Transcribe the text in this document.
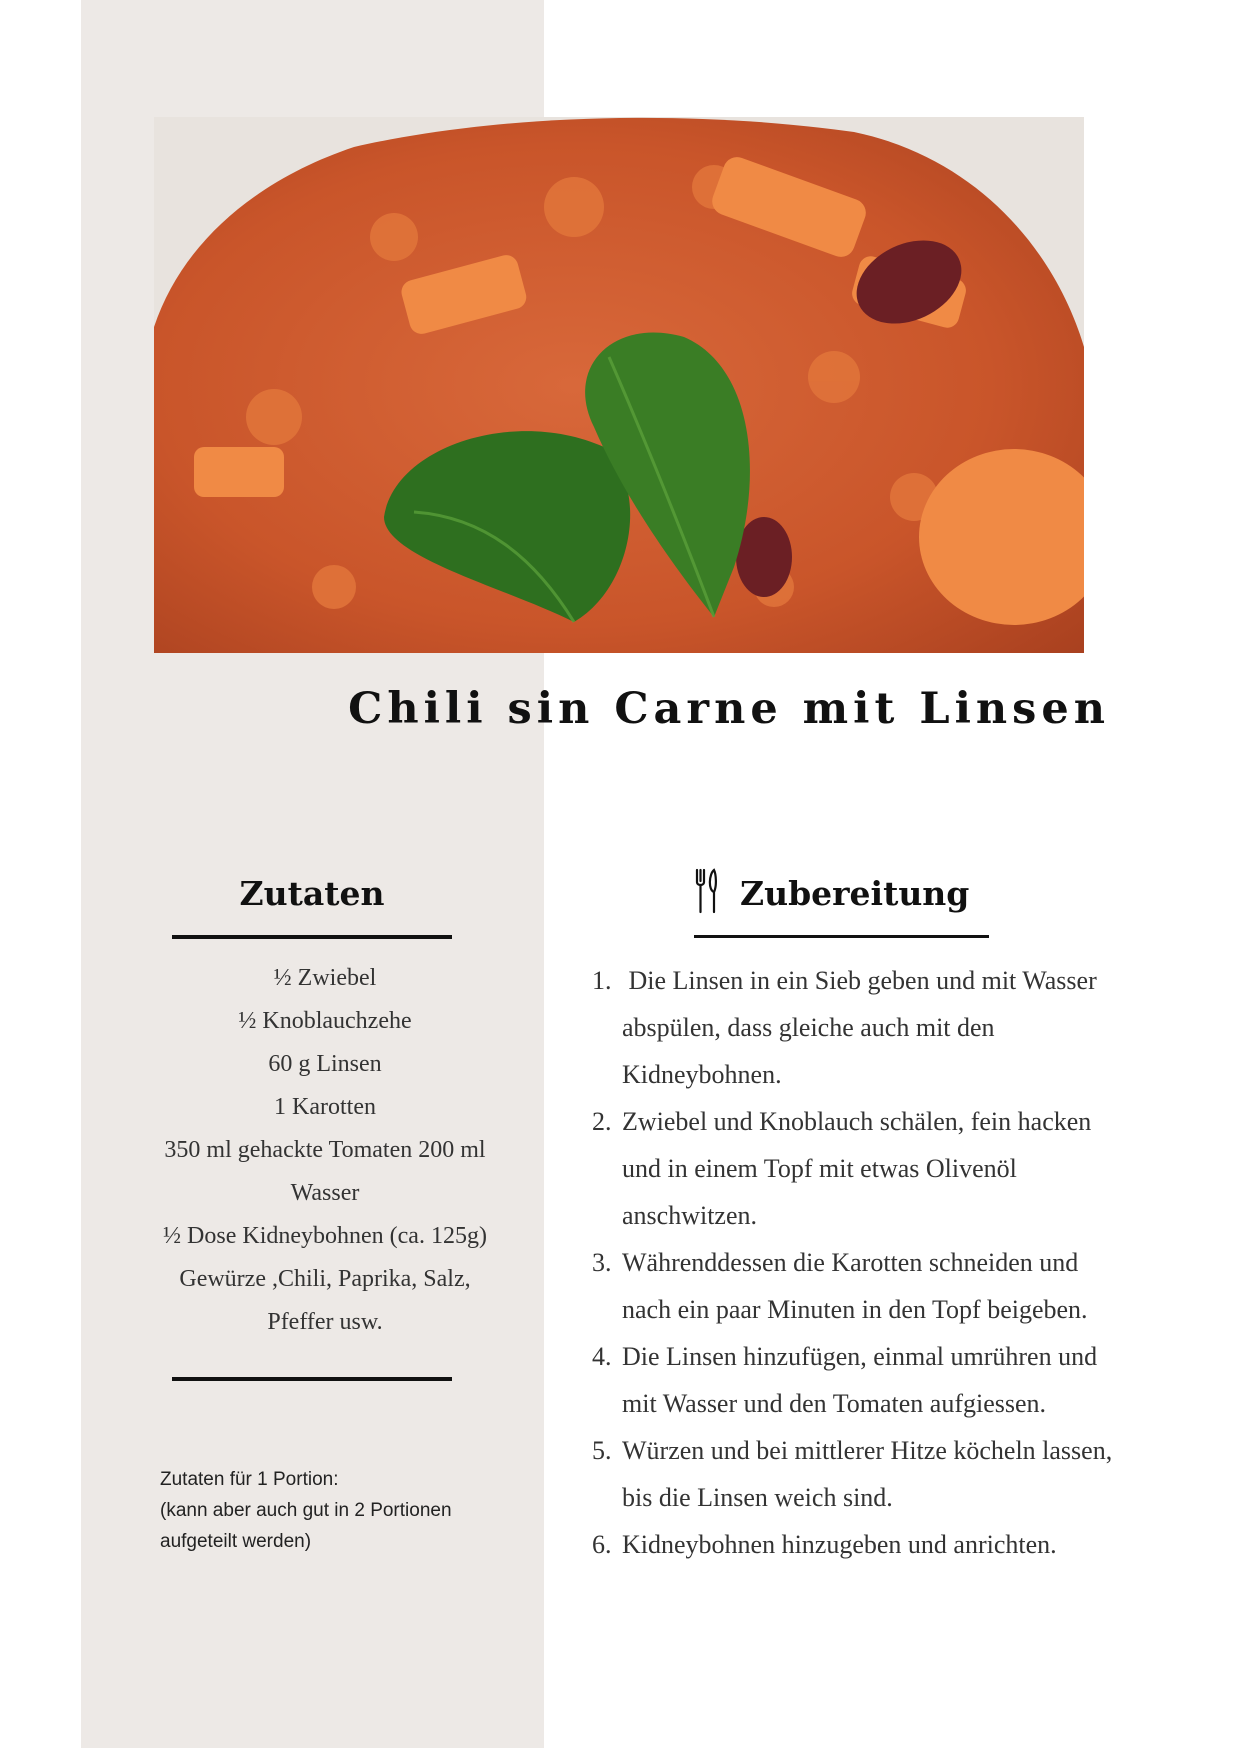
Chili sin Carne mit Linsen
Zutaten
½ Zwiebel
½ Knoblauchzehe
60 g Linsen
1 Karotten
350 ml gehackte Tomaten 200 ml
Wasser
½ Dose Kidneybohnen (ca. 125g)
Gewürze ,Chili, Paprika, Salz,
Pfeffer usw.
Zutaten für 1 Portion:
(kann aber auch gut in 2 Portionen
aufgeteilt werden)
Zubereitung
1. Die Linsen in ein Sieb geben und mit Wasser
abspülen, dass gleiche auch mit den
Kidneybohnen.
2. Zwiebel und Knoblauch schälen, fein hacken
und in einem Topf mit etwas Olivenöl
anschwitzen.
3. Währenddessen die Karotten schneiden und
nach ein paar Minuten in den Topf beigeben.
4. Die Linsen hinzufügen, einmal umrühren und
mit Wasser und den Tomaten aufgiessen.
5. Würzen und bei mittlerer Hitze köcheln lassen,
bis die Linsen weich sind.
6. Kidneybohnen hinzugeben und anrichten.
